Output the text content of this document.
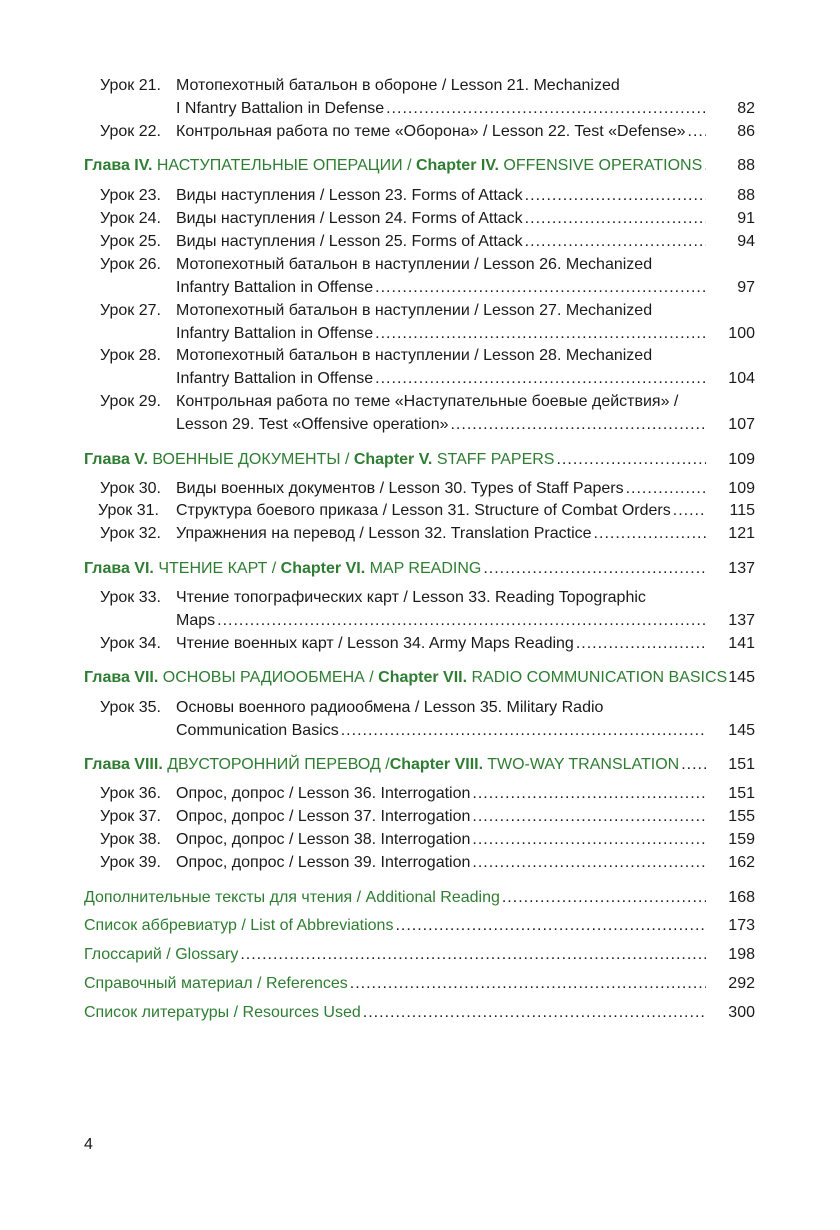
Урок 21. Мотопехотный батальон в обороне / Lesson 21. Mechanized
I Nfantry Battalion in Defense .....	82
Урок 22. Контрольная работа по теме «Оборона» / Lesson 22. Test «Defense» .....	86
Глава IV. НАСТУПАТЕЛЬНЫЕ ОПЕРАЦИИ / Chapter IV. OFFENSIVE OPERATIONS .....	88
Урок 23. Виды наступления / Lesson 23. Forms of Attack .....	88
Урок 24. Виды наступления / Lesson 24. Forms of Attack .....	91
Урок 25. Виды наступления / Lesson 25. Forms of Attack .....	94
Урок 26. Мотопехотный батальон в наступлении / Lesson 26. Mechanized
Infantry Battalion in Offense .....	97
Урок 27. Мотопехотный батальон в наступлении / Lesson 27. Mechanized
Infantry Battalion in Offense .....	100
Урок 28. Мотопехотный батальон в наступлении / Lesson 28. Mechanized
Infantry Battalion in Offense .....	104
Урок 29. Контрольная работа по теме «Наступательные боевые действия» /
Lesson 29. Test «Offensive operation» .....	107
Глава V. ВОЕННЫЕ ДОКУМЕНТЫ / Chapter V. STAFF PAPERS .....	109
Урок 30. Виды военных документов / Lesson 30. Types of Staff Papers .....	109
Урок 31. Структура боевого приказа / Lesson 31. Structure of Combat Orders .....	115
Урок 32. Упражнения на перевод / Lesson 32. Translation Practice .....	121
Глава VI. ЧТЕНИЕ КАРТ / Chapter VI. MAP READING .....	137
Урок 33. Чтение топографических карт / Lesson 33. Reading Topographic
Maps .....	137
Урок 34. Чтение военных карт / Lesson 34. Army Maps Reading .....	141
Глава VII. ОСНОВЫ РАДИООБМЕНА / Chapter VII. RADIO COMMUNICATION BASICS 145
Урок 35. Основы военного радиообмена / Lesson 35. Military Radio
Communication Basics .....	145
Глава VIII. ДВУСТОРОННИЙ ПЕРЕВОД /Chapter VIII. TWO-WAY TRANSLATION .....	151
Урок 36. Опрос, допрос / Lesson 36. Interrogation .....	151
Урок 37. Опрос, допрос / Lesson 37. Interrogation .....	155
Урок 38. Опрос, допрос / Lesson 38. Interrogation .....	159
Урок 39. Опрос, допрос / Lesson 39. Interrogation .....	162
Дополнительные тексты для чтения / Additional Reading .....	168
Список аббревиатур / List of Abbreviations .....	173
Глоссарий / Glossary .....	198
Справочный материал / References .....	292
Список литературы / Resources Used .....	300
4
